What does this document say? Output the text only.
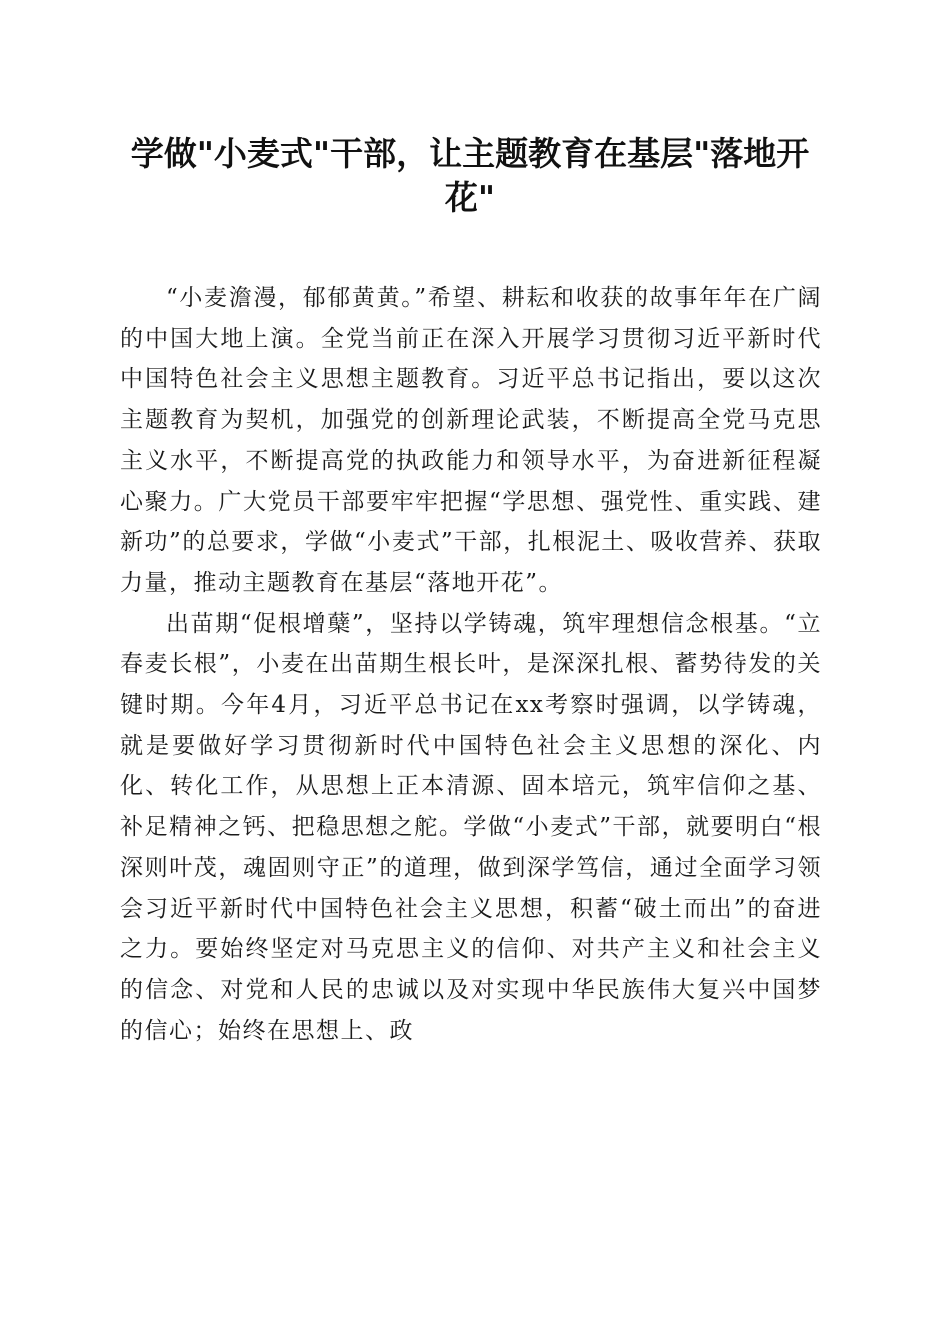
学做"小麦式"干部，让主题教育在基层"落地开花"

“小麦澹漫，郁郁黄黄。”希望、耕耘和收获的故事年年在广阔的中国大地上演。全党当前正在深入开展学习贯彻习近平新时代中国特色社会主义思想主题教育。习近平总书记指出，要以这次主题教育为契机，加强党的创新理论武装，不断提高全党马克思主义水平，不断提高党的执政能力和领导水平，为奋进新征程凝心聚力。广大党员干部要牢牢把握“学思想、强党性、重实践、建新功”的总要求，学做“小麦式”干部，扎根泥土、吸收营养、获取力量，推动主题教育在基层“落地开花”。

出苗期“促根增蘖”，坚持以学铸魂，筑牢理想信念根基。“立春麦长根”，小麦在出苗期生根长叶，是深深扎根、蓄势待发的关键时期。今年4月，习近平总书记在xx考察时强调，以学铸魂，就是要做好学习贯彻新时代中国特色社会主义思想的深化、内化、转化工作，从思想上正本清源、固本培元，筑牢信仰之基、补足精神之钙、把稳思想之舵。学做“小麦式”干部，就要明白“根深则叶茂，魂固则守正”的道理，做到深学笃信，通过全面学习领会习近平新时代中国特色社会主义思想，积蓄“破土而出”的奋进之力。要始终坚定对马克思主义的信仰、对共产主义和社会主义的信念、对党和人民的忠诚以及对实现中华民族伟大复兴中国梦的信心；始终在思想上、政
